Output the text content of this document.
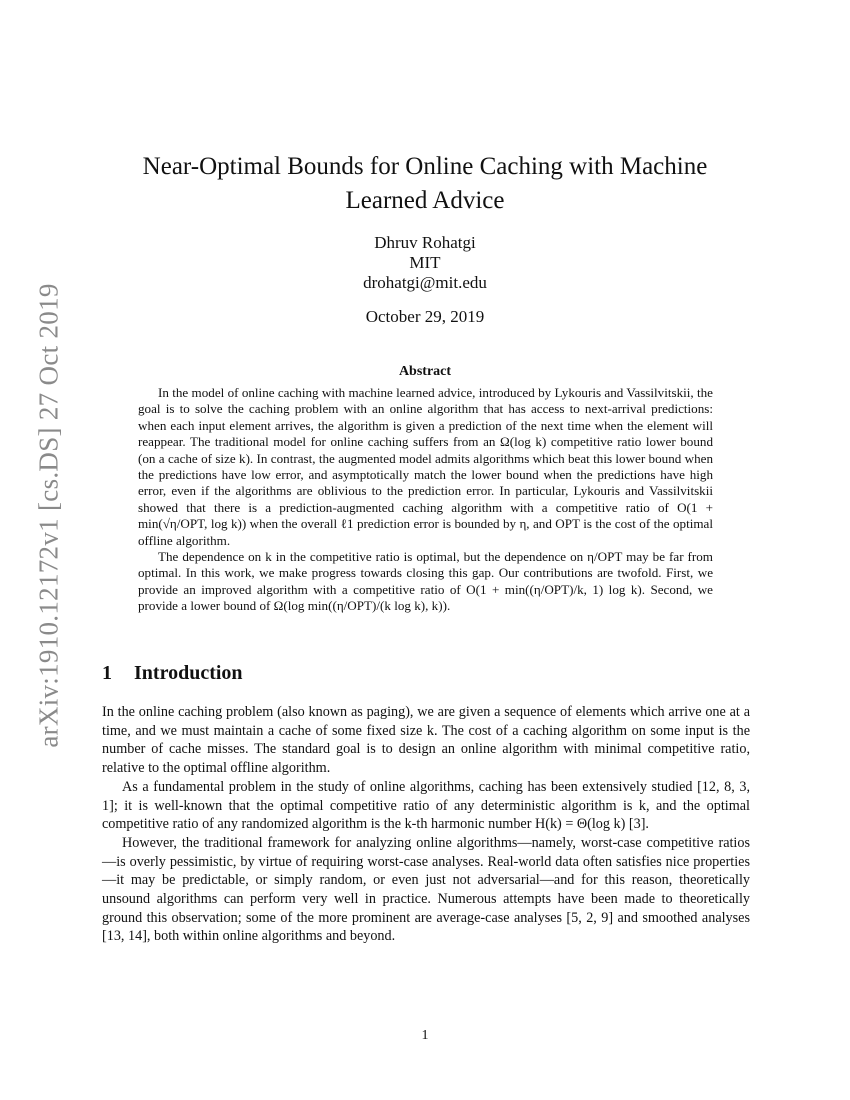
arXiv:1910.12172v1 [cs.DS] 27 Oct 2019
Near-Optimal Bounds for Online Caching with Machine Learned Advice
Dhruv Rohatgi
MIT
drohatgi@mit.edu
October 29, 2019
Abstract

In the model of online caching with machine learned advice, introduced by Lykouris and Vassilvitskii, the goal is to solve the caching problem with an online algorithm that has access to next-arrival predictions: when each input element arrives, the algorithm is given a prediction of the next time when the element will reappear. The traditional model for online caching suffers from an Ω(log k) competitive ratio lower bound (on a cache of size k). In contrast, the augmented model admits algorithms which beat this lower bound when the predictions have low error, and asymptotically match the lower bound when the predictions have high error, even if the algorithms are oblivious to the prediction error. In particular, Lykouris and Vassilvitskii showed that there is a prediction-augmented caching algorithm with a competitive ratio of O(1 + min(√η/OPT, log k)) when the overall ℓ1 prediction error is bounded by η, and OPT is the cost of the optimal offline algorithm.

The dependence on k in the competitive ratio is optimal, but the dependence on η/OPT may be far from optimal. In this work, we make progress towards closing this gap. Our contributions are twofold. First, we provide an improved algorithm with a competitive ratio of O(1 + min((η/OPT)/k, 1) log k). Second, we provide a lower bound of Ω(log min((η/OPT)/(k log k), k)).

1 Introduction

In the online caching problem (also known as paging), we are given a sequence of elements which arrive one at a time, and we must maintain a cache of some fixed size k. The cost of a caching algorithm on some input is the number of cache misses. The standard goal is to design an online algorithm with minimal competitive ratio, relative to the optimal offline algorithm.

As a fundamental problem in the study of online algorithms, caching has been extensively studied [12, 8, 3, 1]; it is well-known that the optimal competitive ratio of any deterministic algorithm is k, and the optimal competitive ratio of any randomized algorithm is the k-th harmonic number H(k) = Θ(log k) [3].

However, the traditional framework for analyzing online algorithms—namely, worst-case competitive ratios—is overly pessimistic, by virtue of requiring worst-case analyses. Real-world data often satisfies nice properties—it may be predictable, or simply random, or even just not adversarial—and for this reason, theoretically unsound algorithms can perform very well in practice. Numerous attempts have been made to theoretically ground this observation; some of the more prominent are average-case analyses [5, 2, 9] and smoothed analyses [13, 14], both within online algorithms and beyond.

1
